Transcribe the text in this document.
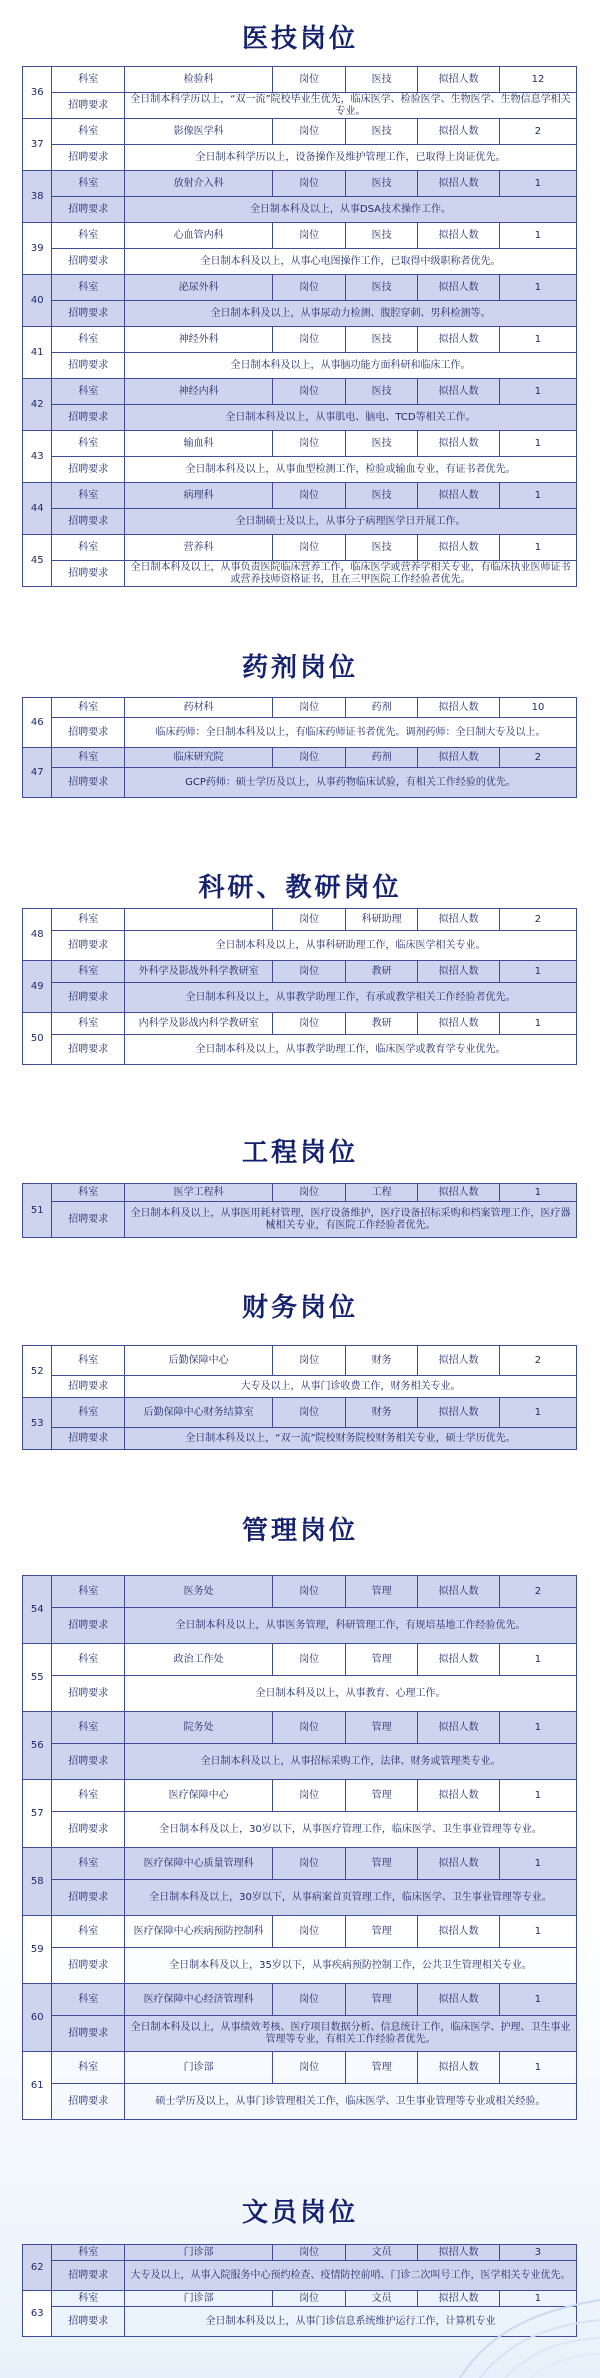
医技岗位
药剂岗位
科研、教研岗位
工程岗位
财务岗位
管理岗位
文员岗位
36	科室	检验科	岗位	医技	拟招人数	12
	招聘要求	全日制本科学历以上，“双一流”院校毕业生优先，临床医学、检验医学、生物医学、生物信息学相关专业。				
37	科室	影像医学科	岗位	医技	拟招人数	2
	招聘要求	全日制本科学历以上，设备操作及维护管理工作，已取得上岗证优先。				
38	科室	放射介入科	岗位	医技	拟招人数	1
	招聘要求	全日制本科及以上，从事DSA技术操作工作。				
39	科室	心血管内科	岗位	医技	拟招人数	1
	招聘要求	全日制本科及以上，从事心电图操作工作，已取得中级职称者优先。				
40	科室	泌尿外科	岗位	医技	拟招人数	1
	招聘要求	全日制本科及以上，从事尿动力检测、腹腔穿刺、男科检测等。				
41	科室	神经外科	岗位	医技	拟招人数	1
	招聘要求	全日制本科及以上，从事脑功能方面科研和临床工作。				
42	科室	神经内科	岗位	医技	拟招人数	1
	招聘要求	全日制本科及以上，从事肌电、脑电、TCD等相关工作。				
43	科室	输血科	岗位	医技	拟招人数	1
	招聘要求	全日制本科及以上，从事血型检测工作，检验或输血专业，有证书者优先。				
44	科室	病理科	岗位	医技	拟招人数	1
	招聘要求	全日制硕士及以上，从事分子病理医学日开展工作。				
45	科室	营养科	岗位	医技	拟招人数	1
	招聘要求	全日制本科及以上，从事负责医院临床营养工作，临床医学或营养学相关专业，有临床执业医师证书或营养技师资格证书，且在三甲医院工作经验者优先。				
46	科室	药材科	岗位	药剂	拟招人数	10
	招聘要求	临床药师：全日制本科及以上，有临床药师证书者优先。调剂药师：全日制大专及以上。				
47	科室	临床研究院	岗位	药剂	拟招人数	2
	招聘要求	GCP药师：硕士学历及以上，从事药物临床试验，有相关工作经验的优先。				
48	科室		岗位	科研助理	拟招人数	2
	招聘要求	全日制本科及以上，从事科研助理工作，临床医学相关专业。				
49	科室	外科学及影战外科学教研室	岗位	教研	拟招人数	1
	招聘要求	全日制本科及以上，从事教学助理工作，有承或教学相关工作经验者优先。				
50	科室	内科学及影战内科学教研室	岗位	教研	拟招人数	1
	招聘要求	全日制本科及以上，从事教学助理工作，临床医学或教育学专业优先。				
51	科室	医学工程科	岗位	工程	拟招人数	1
	招聘要求	全日制本科及以上，从事医用耗材管理，医疗设备维护，医疗设备招标采购和档案管理工作，医疗器械相关专业，有医院工作经验者优先。				
52	科室	后勤保障中心	岗位	财务	拟招人数	2
	招聘要求	大专及以上，从事门诊收费工作，财务相关专业。				
53	科室	后勤保障中心财务结算室	岗位	财务	拟招人数	1
	招聘要求	全日制本科及以上，“双一流”院校财务院校财务相关专业，硕士学历优先。				
54	科室	医务处	岗位	管理	拟招人数	2
	招聘要求	全日制本科及以上，从事医务管理，科研管理工作，有规培基地工作经验优先。				
55	科室	政治工作处	岗位	管理	拟招人数	1
	招聘要求	全日制本科及以上，从事教育、心理工作。				
56	科室	院务处	岗位	管理	拟招人数	1
	招聘要求	全日制本科及以上，从事招标采购工作，法律、财务或管理类专业。				
57	科室	医疗保障中心	岗位	管理	拟招人数	1
	招聘要求	全日制本科及以上，30岁以下，从事医疗管理工作，临床医学、卫生事业管理等专业。				
58	科室	医疗保障中心质量管理科	岗位	管理	拟招人数	1
	招聘要求	全日制本科及以上，30岁以下，从事病案首页管理工作，临床医学、卫生事业管理等专业。				
59	科室	医疗保障中心疾病预防控制科	岗位	管理	拟招人数	1
	招聘要求	全日制本科及以上，35岁以下，从事疾病预防控制工作，公共卫生管理相关专业。				
60	科室	医疗保障中心经济管理科	岗位	管理	拟招人数	1
	招聘要求	全日制本科及以上，从事绩效考核、医疗项目数据分析、信息统计工作，临床医学、护理、卫生事业管理等专业，有相关工作经验者优先。				
61	科室	门诊部	岗位	管理	拟招人数	1
	招聘要求	硕士学历及以上，从事门诊管理相关工作，临床医学、卫生事业管理等专业或相关经验。				
62	科室	门诊部	岗位	文员	拟招人数	3
	招聘要求	大专及以上，从事入院服务中心预约检查、疫情防控前哨、门诊二次叫号工作，医学相关专业优先。				
63	科室	门诊部	岗位	文员	拟招人数	1
	招聘要求	全日制本科及以上，从事门诊信息系统维护运行工作，计算机专业				
